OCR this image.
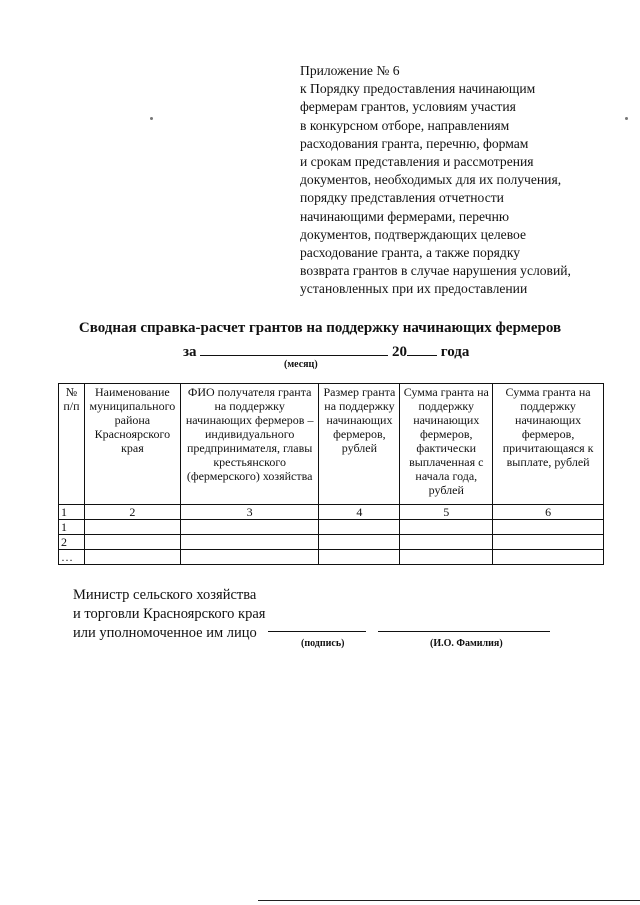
Приложение № 6
к Порядку предоставления начинающим
фермерам грантов, условиям участия
в конкурсном отборе, направлениям
расходования гранта, перечню, формам
и срокам представления и рассмотрения
документов, необходимых для их получения,
порядку представления отчетности
начинающими фермерами, перечню
документов, подтверждающих целевое
расходование гранта, а также порядку
возврата грантов в случае нарушения условий,
установленных при их предоставлении
Сводная справка-расчет грантов на поддержку начинающих фермеров
за	20 года
(месяц)
№ п/п	Наименование муниципального района Красноярского края	ФИО получателя гранта на поддержку начинающих фермеров – индивидуального предпринимателя, главы крестьянского (фермерского) хозяйства	Размер гранта на поддержку начинающих фермеров, рублей	Сумма гранта на поддержку начинающих фермеров, фактически выплаченная с начала года, рублей	Сумма гранта на поддержку начинающих фермеров, причитающаяся к выплате, рублей
1	2	3	4	5	6
1					
2					
…					
Министр сельского хозяйства
и торговли Красноярского края
или уполномоченное им лицо
(подпись)	(И.О. Фамилия)
